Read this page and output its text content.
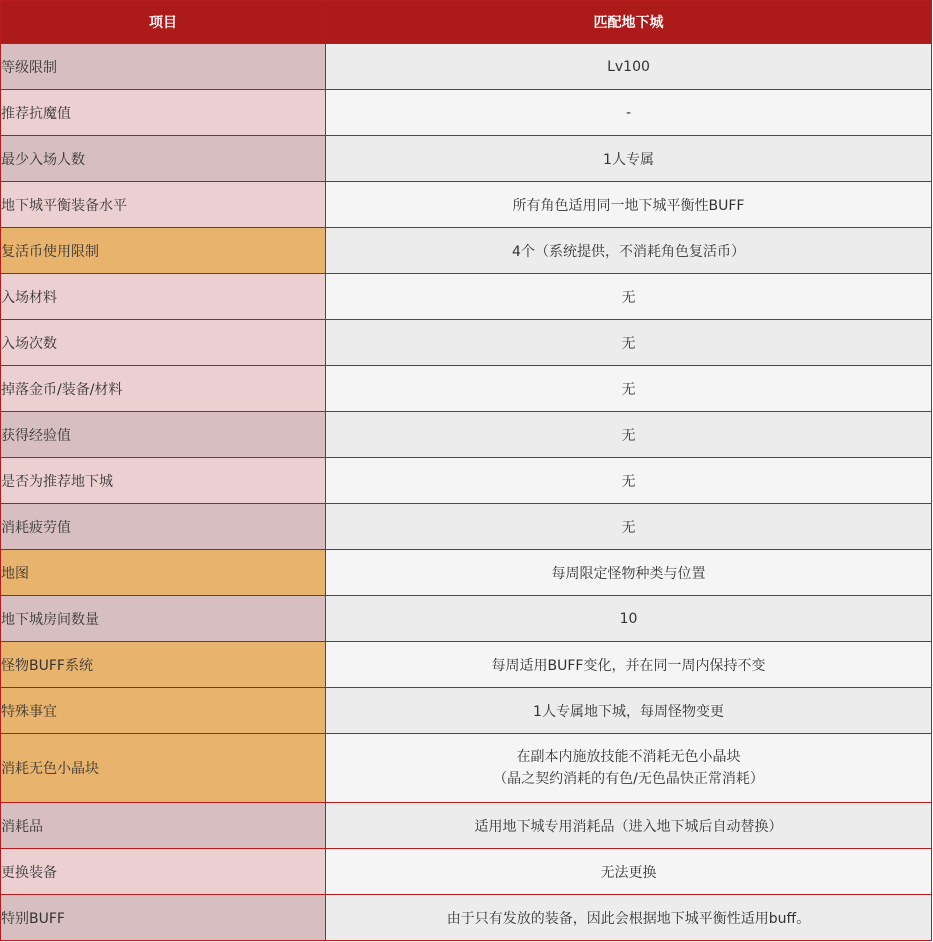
项目	匹配地下城
等级限制	Lv100
推荐抗魔值	-
最少入场人数	1人专属
地下城平衡装备水平	所有角色适用同一地下城平衡性BUFF
复活币使用限制	4个（系统提供，不消耗角色复活币）
入场材料	无
入场次数	无
掉落金币/装备/材料	无
获得经验值	无
是否为推荐地下城	无
消耗疲劳值	无
地图	每周限定怪物种类与位置
地下城房间数量	10
怪物BUFF系统	每周适用BUFF变化，并在同一周内保持不变
特殊事宜	1人专属地下城，每周怪物变更
消耗无色小晶块	在副本内施放技能不消耗无色小晶块
（晶之契约消耗的有色/无色晶快正常消耗）

消耗品	适用地下城专用消耗品（进入地下城后自动替换）
更换装备	无法更换
特别BUFF	由于只有发放的装备，因此会根据地下城平衡性适用buff。
